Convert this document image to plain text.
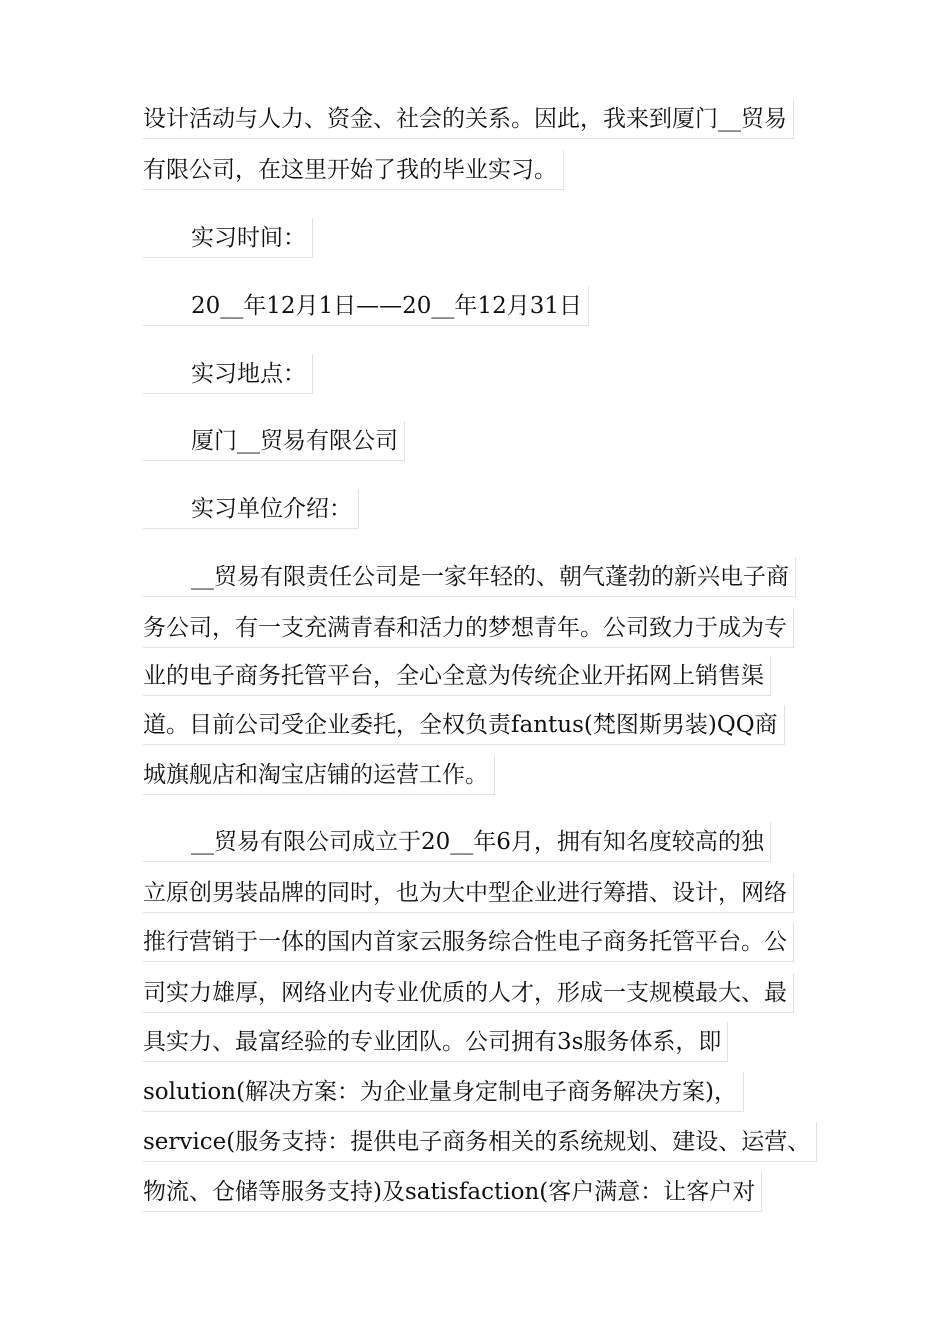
设计活动与人力、资金、社会的关系。因此，我来到厦门__贸易
有限公司，在这里开始了我的毕业实习。
实习时间：
20__年12月1日——20__年12月31日
实习地点：
厦门__贸易有限公司
实习单位介绍：
__贸易有限责任公司是一家年轻的、朝气蓬勃的新兴电子商
务公司，有一支充满青春和活力的梦想青年。公司致力于成为专
业的电子商务托管平台，全心全意为传统企业开拓网上销售渠
道。目前公司受企业委托，全权负责fantus(梵图斯男装)QQ商
城旗舰店和淘宝店铺的运营工作。
__贸易有限公司成立于20__年6月，拥有知名度较高的独
立原创男装品牌的同时，也为大中型企业进行筹措、设计，网络
推行营销于一体的国内首家云服务综合性电子商务托管平台。公
司实力雄厚，网络业内专业优质的人才，形成一支规模最大、最
具实力、最富经验的专业团队。公司拥有3s服务体系，即
solution(解决方案：为企业量身定制电子商务解决方案)，
service(服务支持：提供电子商务相关的系统规划、建设、运营、
物流、仓储等服务支持)及satisfaction(客户满意：让客户对
